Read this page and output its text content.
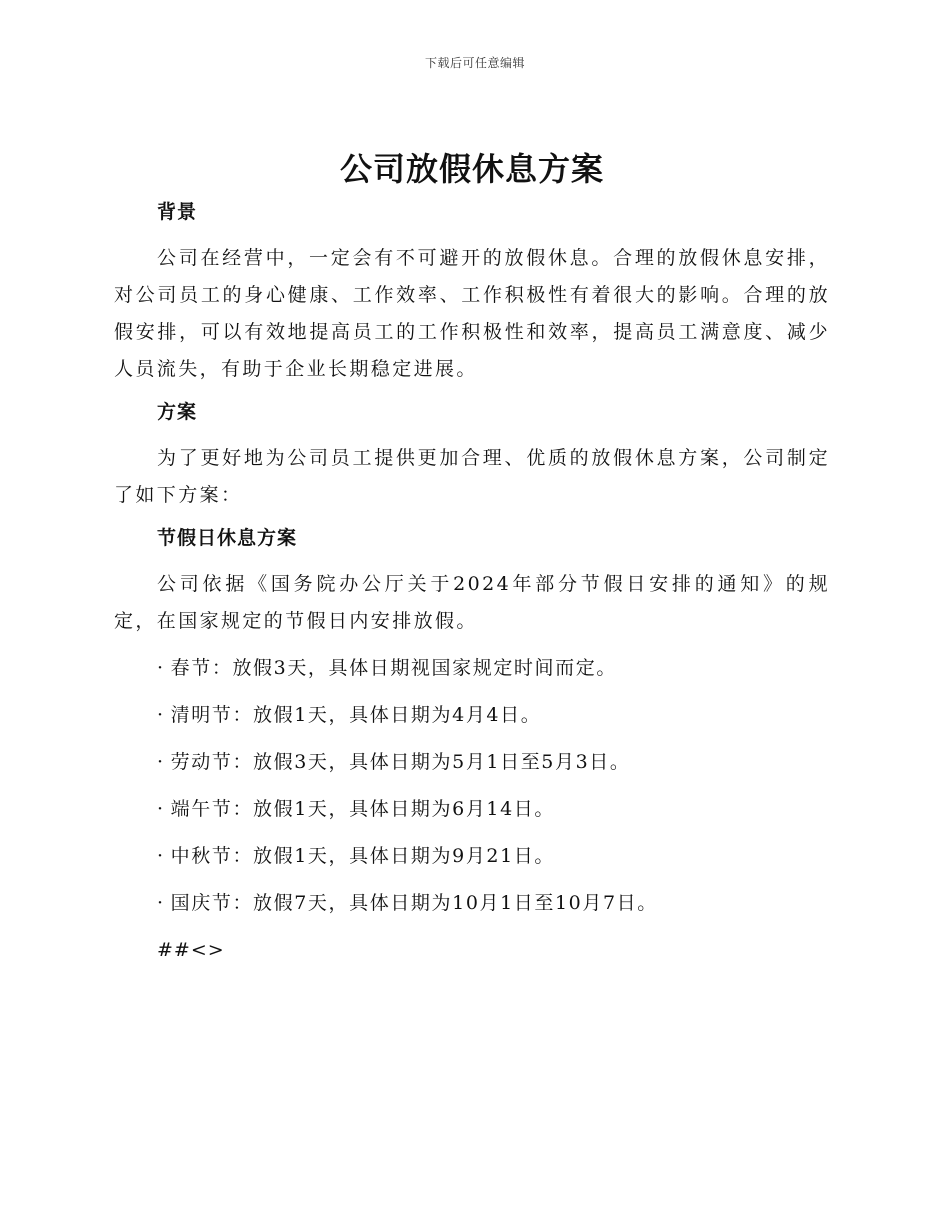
下载后可任意编辑
公司放假休息方案
背景

公司在经营中，一定会有不可避开的放假休息。合理的放假休息安排，对公司员工的身心健康、工作效率、工作积极性有着很大的影响。合理的放假安排，可以有效地提高员工的工作积极性和效率，提高员工满意度、减少人员流失，有助于企业长期稳定进展。

方案

为了更好地为公司员工提供更加合理、优质的放假休息方案，公司制定了如下方案：

节假日休息方案

公司依据《国务院办公厅关于2024年部分节假日安排的通知》的规定，在国家规定的节假日内安排放假。

· 春节：放假3天，具体日期视国家规定时间而定。
· 清明节：放假1天，具体日期为4月4日。
· 劳动节：放假3天，具体日期为5月1日至5月3日。
· 端午节：放假1天，具体日期为6月14日。
· 中秋节：放假1天，具体日期为9月21日。
· 国庆节：放假7天，具体日期为10月1日至10月7日。
##<>
